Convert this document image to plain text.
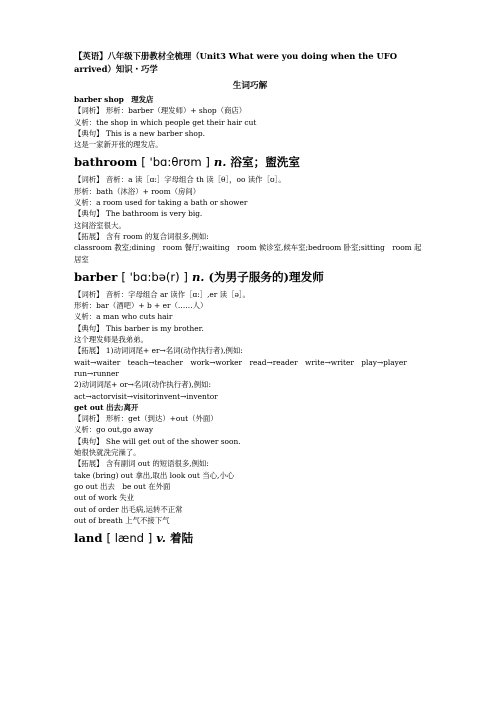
【英语】八年级下册教材全梳理（Unit3 What were you doing when the UFO arrived）知识・巧学
生词巧解
barber shop　理发店
【词析】 形析：barber（理发师）+ shop（商店）
义析：the shop in which people get their hair cut
【典句】 This is a new barber shop.
这是一家新开张的理发店。
bathroom [ 'bɑ:θrʊm ] n. 浴室；盥洗室
【词析】 音析：a 读［ɑ:］字母组合 th 读［θ］，oo 读作［ʊ］。
形析：bath（沐浴）+ room（房间）
义析：a room used for taking a bath or shower
【典句】 The bathroom is very big.
这间浴室很大。
【拓展】 含有 room 的复合词很多,例如:
classroom 教室;dining　room 餐厅;waiting　room 候诊室,候车室;bedroom 卧室;sitting　room 起居室
barber [ 'bɑ:bə(r) ] n. (为男子服务的)理发师
【词析】 音析：字母组合 ar 读作［ɑ:］,er 读［ə］。
形析：bar（酒吧）+ b + er（……人）
义析：a man who cuts hair
【典句】 This barber is my brother.
这个理发师是我弟弟。
【拓展】 1)动词词尾+ er→名词(动作执行者),例如:
wait→waiter　teach→teacher　work→worker　read→reader　write→writer　play→player　run→runner
2)动词词尾+ or→名词(动作执行者),例如:
act→actorvisit→visitorinvent→inventor
get out 出去;离开
【词析】 形析：get（到达）+out（外面）
义析：go out,go away
【典句】 She will get out of the shower soon.
她很快就洗完澡了。
【拓展】 含有副词 out 的短语很多,例如:
take (bring) out 拿出,取出 look out 当心,小心
go out 出去　be out 在外面
out of work 失业
out of order 出毛病,运转不正常
out of breath 上气不接下气
land [ lænd ] v. 着陆
